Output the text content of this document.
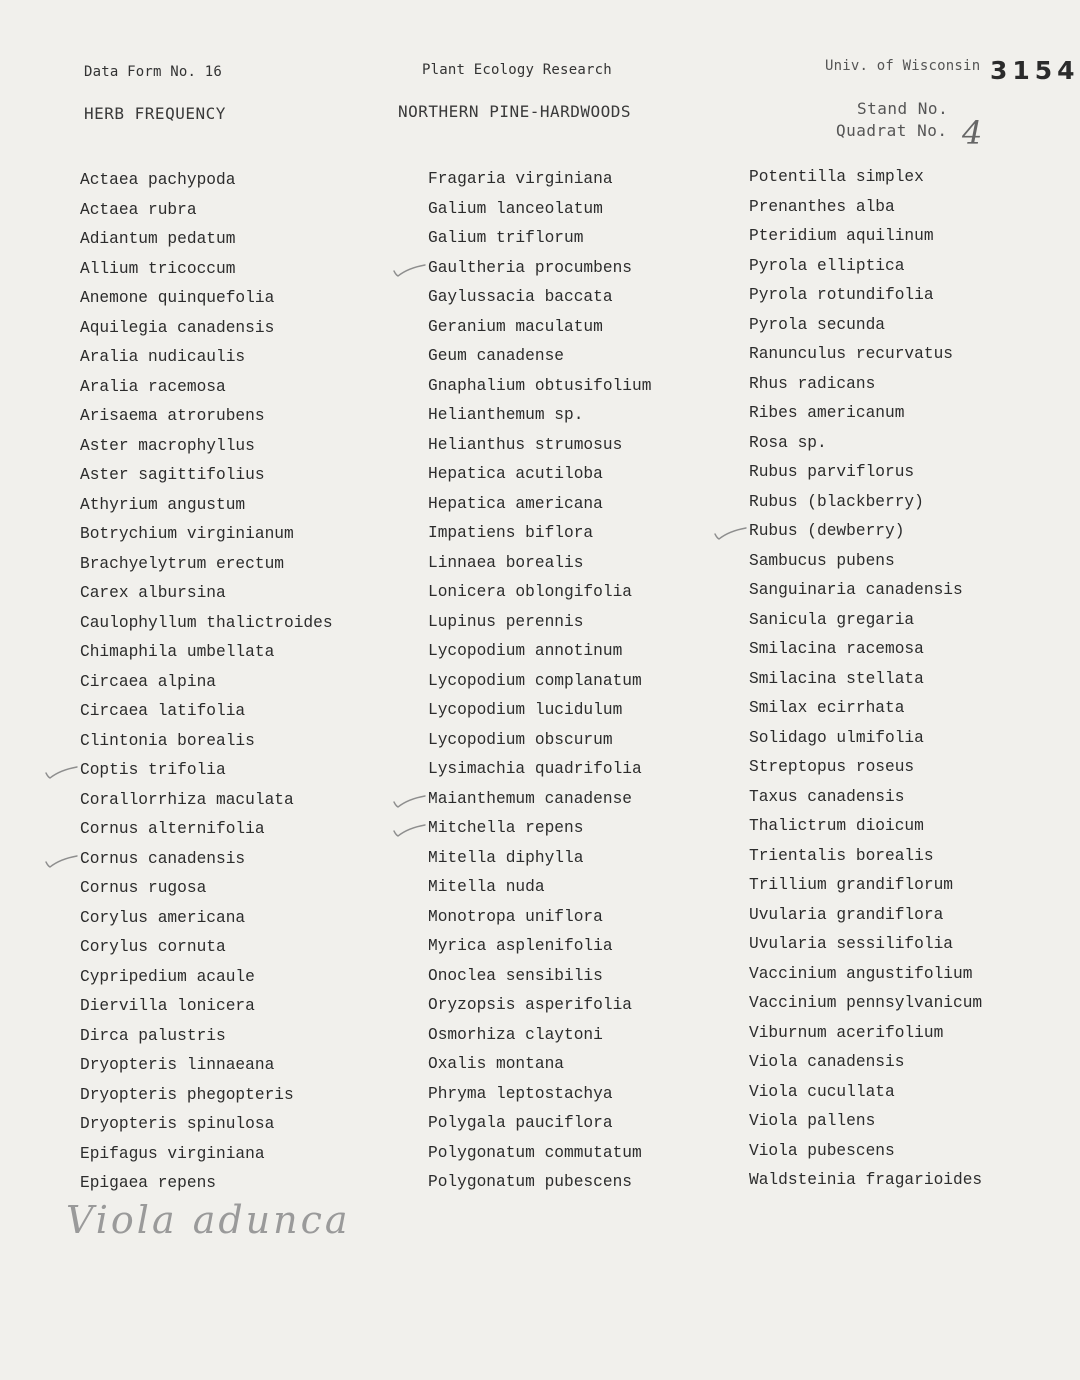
Data Form No. 16	Plant Ecology Research	Univ. of Wisconsin 3154
HERB FREQUENCY	NORTHERN PINE-HARDWOODS	Stand No.
Quadrat No. 4
Actaea pachypoda
Actaea rubra
Adiantum pedatum
Allium tricoccum
Anemone quinquefolia
Aquilegia canadensis
Aralia nudicaulis
Aralia racemosa
Arisaema atrorubens
Aster macrophyllus
Aster sagittifolius
Athyrium angustum
Botrychium virginianum
Brachyelytrum erectum
Carex albursina
Caulophyllum thalictroides
Chimaphila umbellata
Circaea alpina
Circaea latifolia
Clintonia borealis
Coptis trifolia
Corallorrhiza maculata
Cornus alternifolia
Cornus canadensis
Cornus rugosa
Corylus americana
Corylus cornuta
Cypripedium acaule
Diervilla lonicera
Dirca palustris
Dryopteris linnaeana
Dryopteris phegopteris
Dryopteris spinulosa
Epifagus virginiana
Epigaea repens
Fragaria virginiana
Galium lanceolatum
Galium triflorum
Gaultheria procumbens
Gaylussacia baccata
Geranium maculatum
Geum canadense
Gnaphalium obtusifolium
Helianthemum sp.
Helianthus strumosus
Hepatica acutiloba
Hepatica americana
Impatiens biflora
Linnaea borealis
Lonicera oblongifolia
Lupinus perennis
Lycopodium annotinum
Lycopodium complanatum
Lycopodium lucidulum
Lycopodium obscurum
Lysimachia quadrifolia
Maianthemum canadense
Mitchella repens
Mitella diphylla
Mitella nuda
Monotropa uniflora
Myrica asplenifolia
Onoclea sensibilis
Oryzopsis asperifolia
Osmorhiza claytoni
Oxalis montana
Phryma leptostachya
Polygala pauciflora
Polygonatum commutatum
Polygonatum pubescens
Potentilla simplex
Prenanthes alba
Pteridium aquilinum
Pyrola elliptica
Pyrola rotundifolia
Pyrola secunda
Ranunculus recurvatus
Rhus radicans
Ribes americanum
Rosa sp.
Rubus parviflorus
Rubus (blackberry)
Rubus (dewberry)
Sambucus pubens
Sanguinaria canadensis
Sanicula gregaria
Smilacina racemosa
Smilacina stellata
Smilax ecirrhata
Solidago ulmifolia
Streptopus roseus
Taxus canadensis
Thalictrum dioicum
Trientalis borealis
Trillium grandiflorum
Uvularia grandiflora
Uvularia sessilifolia
Vaccinium angustifolium
Vaccinium pennsylvanicum
Viburnum acerifolium
Viola canadensis
Viola cucullata
Viola pallens
Viola pubescens
Waldsteinia fragarioides
Viola adunca
